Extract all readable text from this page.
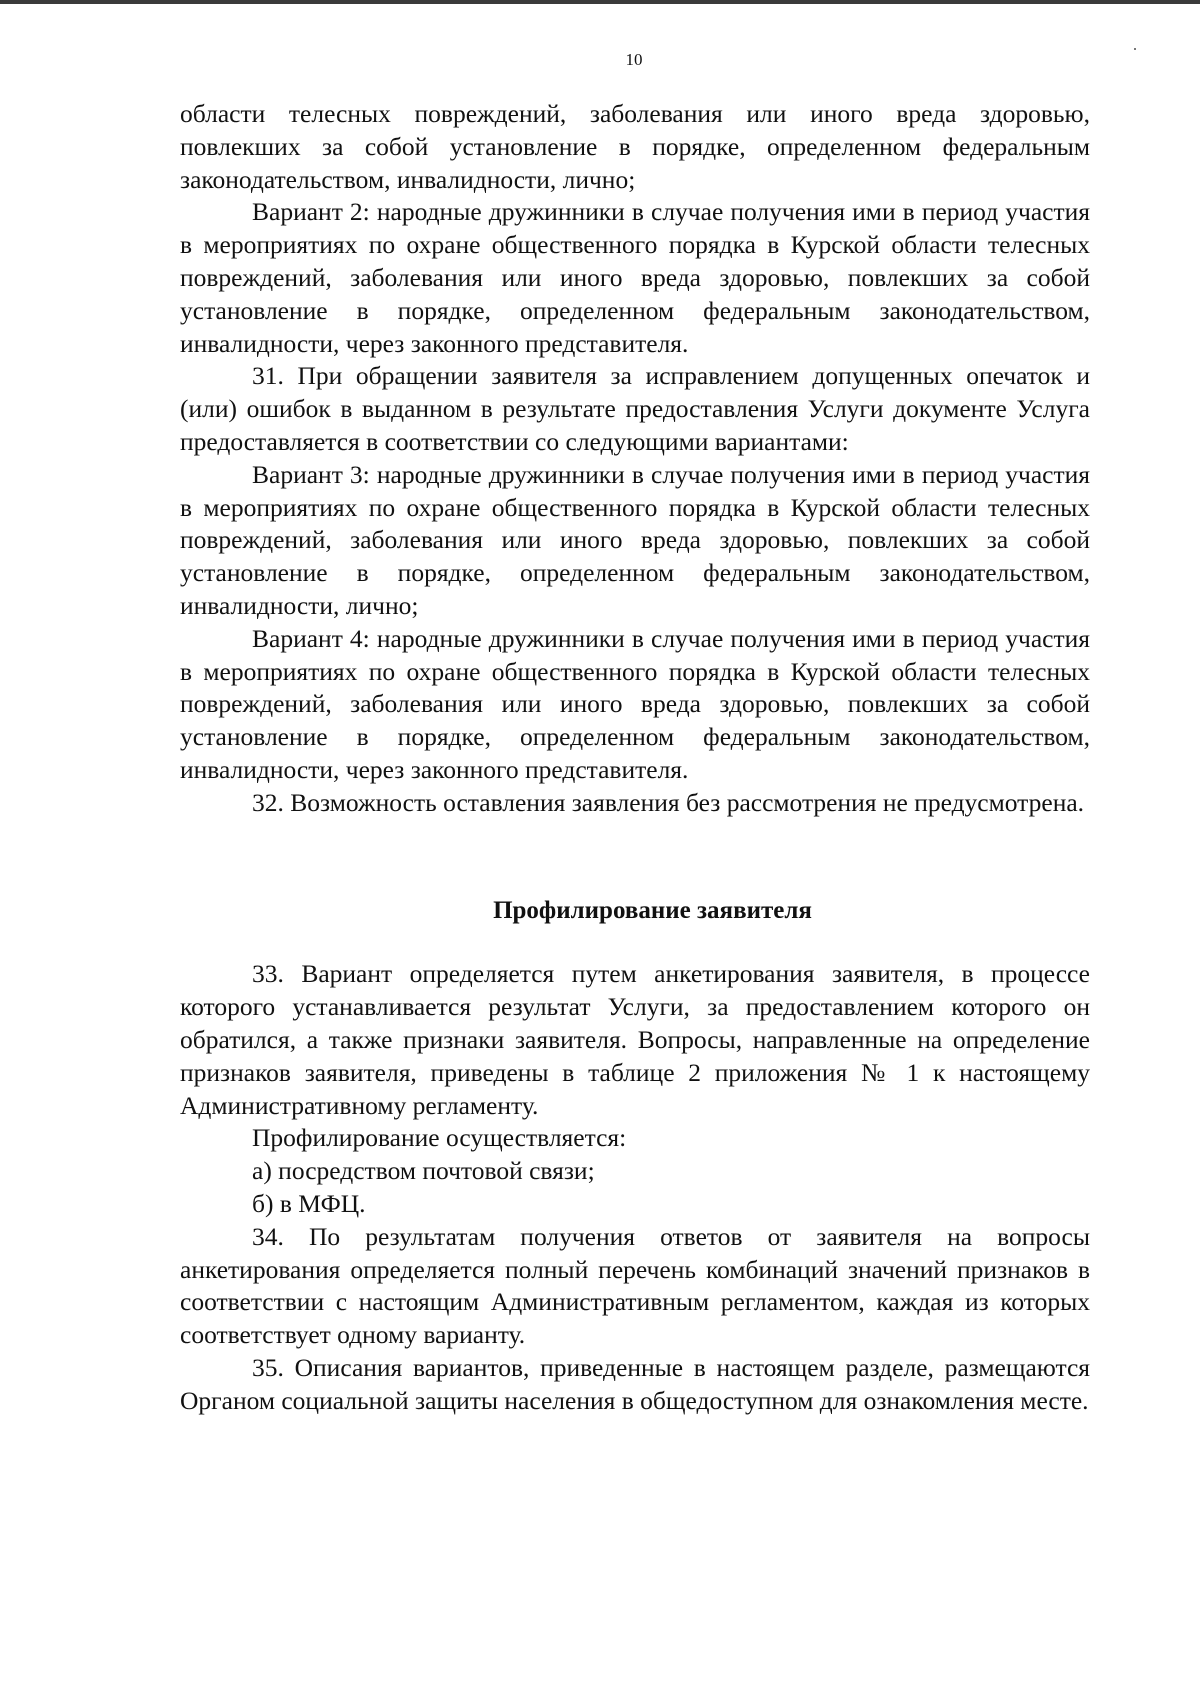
10

области телесных повреждений, заболевания или иного вреда здоровью, повлекших за собой установление в порядке, определенном федеральным законодательством, инвалидности, лично;

Вариант 2: народные дружинники в случае получения ими в период участия в мероприятиях по охране общественного порядка в Курской области телесных повреждений, заболевания или иного вреда здоровью, повлекших за собой установление в порядке, определенном федеральным законодательством, инвалидности, через законного представителя.

31. При обращении заявителя за исправлением допущенных опечаток и (или) ошибок в выданном в результате предоставления Услуги документе Услуга предоставляется в соответствии со следующими вариантами:

Вариант 3: народные дружинники в случае получения ими в период участия в мероприятиях по охране общественного порядка в Курской области телесных повреждений, заболевания или иного вреда здоровью, повлекших за собой установление в порядке, определенном федеральным законодательством, инвалидности, лично;

Вариант 4: народные дружинники в случае получения ими в период участия в мероприятиях по охране общественного порядка в Курской области телесных повреждений, заболевания или иного вреда здоровью, повлекших за собой установление в порядке, определенном федеральным законодательством, инвалидности, через законного представителя.

32. Возможность оставления заявления без рассмотрения не предусмотрена.

Профилирование заявителя

33. Вариант определяется путем анкетирования заявителя, в процессе которого устанавливается результат Услуги, за предоставлением которого он обратился, а также признаки заявителя. Вопросы, направленные на определение признаков заявителя, приведены в таблице 2 приложения № 1 к настоящему Административному регламенту.

Профилирование осуществляется:

а) посредством почтовой связи;

б) в МФЦ.

34. По результатам получения ответов от заявителя на вопросы анкетирования определяется полный перечень комбинаций значений признаков в соответствии с настоящим Административным регламентом, каждая из которых соответствует одному варианту.

35. Описания вариантов, приведенные в настоящем разделе, размещаются Органом социальной защиты населения в общедоступном для ознакомления месте.
